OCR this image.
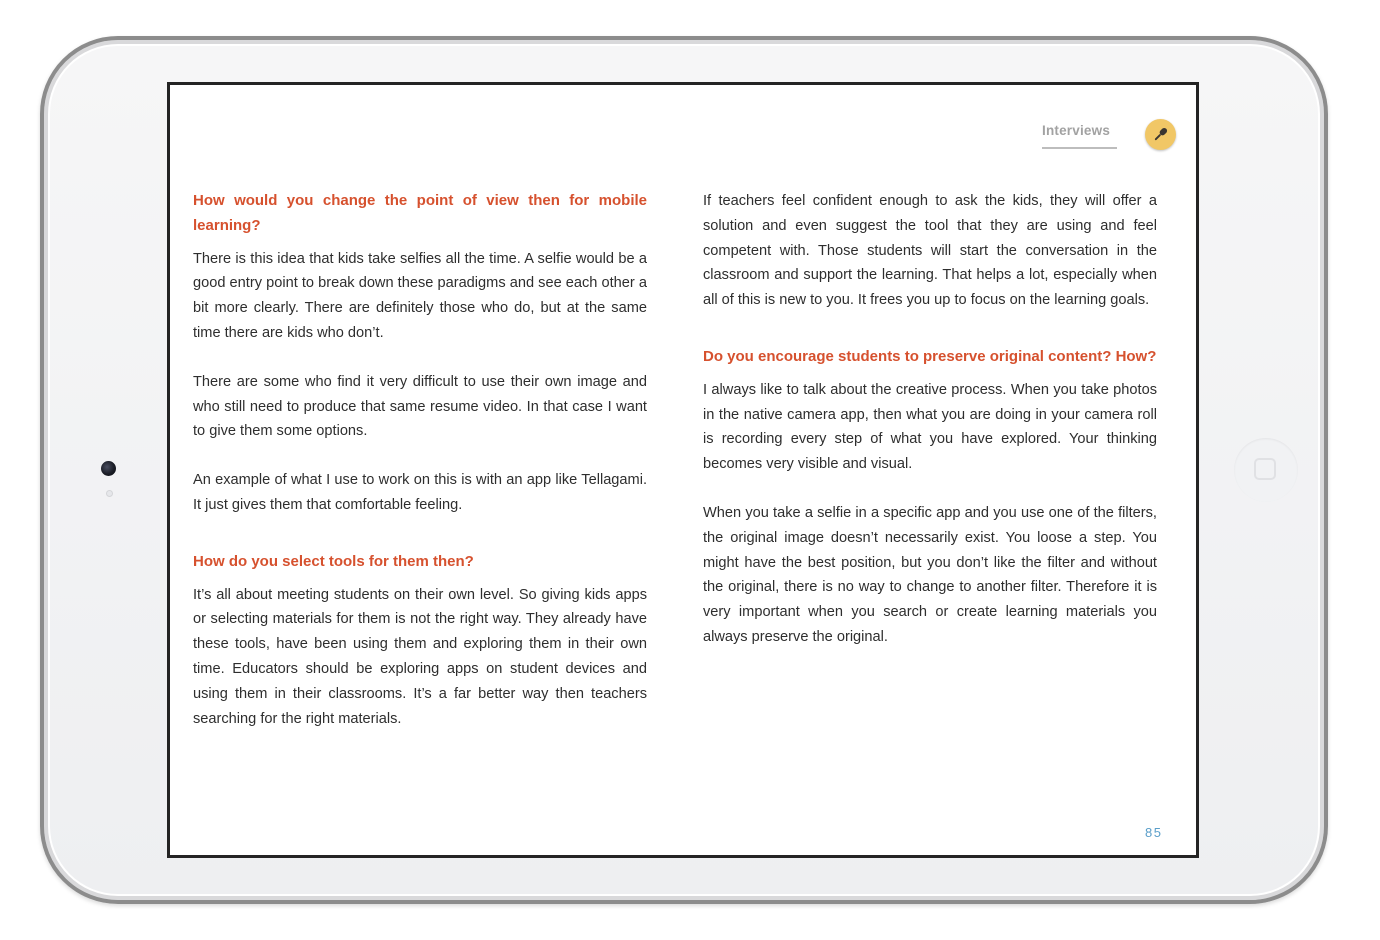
Interviews

How would you change the point of view then for mobile learning?

There is this idea that kids take selfies all the time. A selfie would be a good entry point to break down these paradigms and see each other a bit more clearly. There are definitely those who do, but at the same time there are kids who don’t.

There are some who find it very difficult to use their own image and who still need to produce that same resume video. In that case I want to give them some options.

An example of what I use to work on this is with an app like Tellagami. It just gives them that comfortable feeling.

How do you select tools for them then?

It’s all about meeting students on their own level. So giving kids apps or selecting materials for them is not the right way. They already have these tools, have been using them and exploring them in their own time. Educators should be exploring apps on student devices and using them in their classrooms. It’s a far better way then teachers searching for the right materials.

If teachers feel confident enough to ask the kids, they will offer a solution and even suggest the tool that they are using and feel competent with. Those students will start the conversation in the classroom and support the learning. That helps a lot, especially when all of this is new to you. It frees you up to focus on the learning goals.

Do you encourage students to preserve original content? How?

I always like to talk about the creative process. When you take photos in the native camera app, then what you are doing in your camera roll is recording every step of what you have explored. Your thinking becomes very visible and visual.

When you take a selfie in a specific app and you use one of the filters, the original image doesn’t necessarily exist. You loose a step. You might have the best position, but you don’t like the filter and without the original, there is no way to change to another filter. Therefore it is very important when you search or create learning materials you always preserve the original.

85
